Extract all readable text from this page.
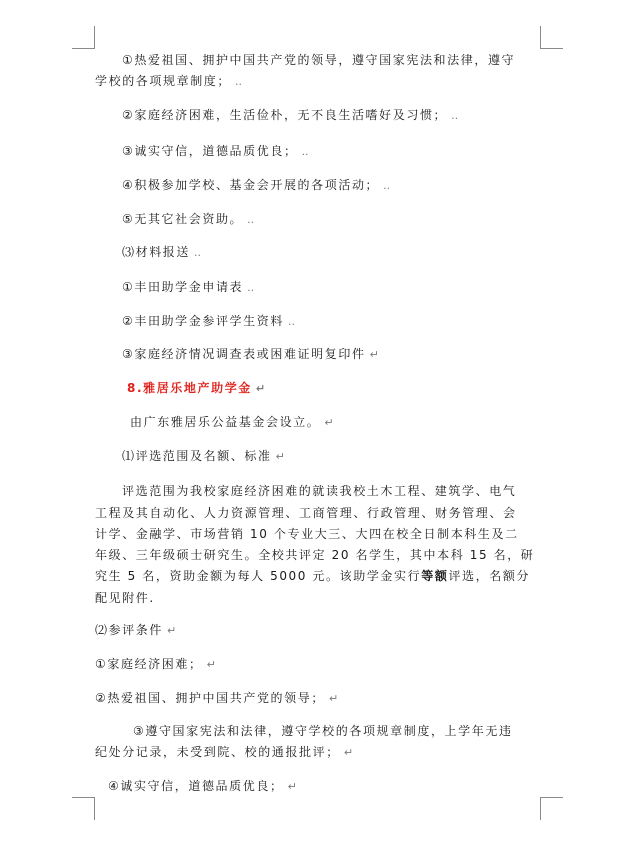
①热爱祖国、拥护中国共产党的领导，遵守国家宪法和法律，遵守
学校的各项规章制度； ..
②家庭经济困难，生活俭朴，无不良生活嗜好及习惯； ..
③诚实守信，道德品质优良； ..
④积极参加学校、基金会开展的各项活动； ..
⑤无其它社会资助。 ..
⑶材料报送 ..
①丰田助学金申请表 ..
②丰田助学金参评学生资料 ..
③家庭经济情况调查表或困难证明复印件 ↵
8.雅居乐地产助学金 ↵
由广东雅居乐公益基金会设立。 ↵
⑴评选范围及名额、标准 ↵
评选范围为我校家庭经济困难的就读我校土木工程、建筑学、电气
工程及其自动化、人力资源管理、工商管理、行政管理、财务管理、会
计学、金融学、市场营销 10 个专业大三、大四在校全日制本科生及二
年级、三年级硕士研究生。全校共评定 20 名学生，其中本科 15 名，研
究生 5 名，资助金额为每人 5000 元。该助学金实行等额评选，名额分
配见附件.
⑵参评条件 ↵
①家庭经济困难； ↵
②热爱祖国、拥护中国共产党的领导； ↵
③遵守国家宪法和法律，遵守学校的各项规章制度，上学年无违
纪处分记录，未受到院、校的通报批评； ↵
④诚实守信，道德品质优良； ↵
